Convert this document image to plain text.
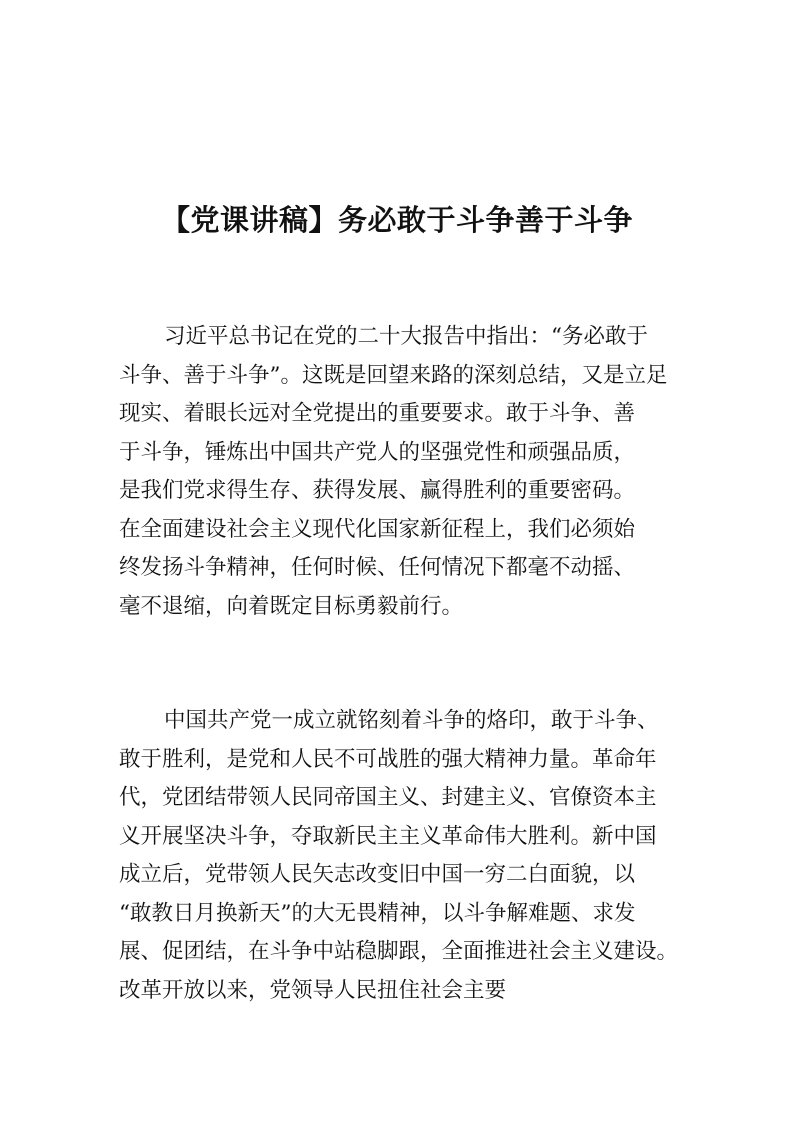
【党课讲稿】务必敢于斗争善于斗争

习近平总书记在党的二十大报告中指出：“务必敢于
斗争、善于斗争”。这既是回望来路的深刻总结，又是立足
现实、着眼长远对全党提出的重要要求。敢于斗争、善
于斗争，锤炼出中国共产党人的坚强党性和顽强品质，
是我们党求得生存、获得发展、赢得胜利的重要密码。
在全面建设社会主义现代化国家新征程上，我们必须始
终发扬斗争精神，任何时候、任何情况下都毫不动摇、
毫不退缩，向着既定目标勇毅前行。

中国共产党一成立就铭刻着斗争的烙印，敢于斗争、
敢于胜利，是党和人民不可战胜的强大精神力量。革命年
代，党团结带领人民同帝国主义、封建主义、官僚资本主
义开展坚决斗争，夺取新民主主义革命伟大胜利。新中国
成立后，党带领人民矢志改变旧中国一穷二白面貌，以
“敢教日月换新天”的大无畏精神，以斗争解难题、求发
展、促团结，在斗争中站稳脚跟，全面推进社会主义建设。
改革开放以来，党领导人民扭住社会主要
